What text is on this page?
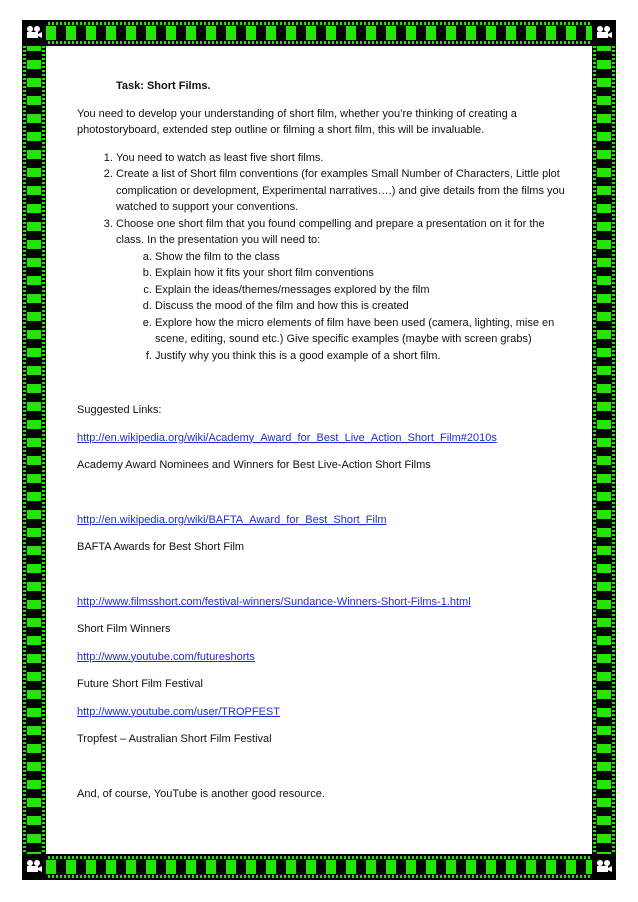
Task: Short Films.

You need to develop your understanding of short film, whether you’re thinking of creating a photostoryboard, extended step outline or filming a short film, this will be invaluable.

1. You need to watch as least five short films.
2. Create a list of Short film conventions (for examples Small Number of Characters, Little plot complication or development, Experimental narratives….) and give details from the films you watched to support your conventions.
3. Choose one short film that you found compelling and prepare a presentation on it for the class. In the presentation you will need to:
a. Show the film to the class
b. Explain how it fits your short film conventions
c. Explain the ideas/themes/messages explored by the film
d. Discuss the mood of the film and how this is created
e. Explore how the micro elements of film have been used (camera, lighting, mise en scene, editing, sound etc.) Give specific examples (maybe with screen grabs)
f. Justify why you think this is a good example of a short film.

Suggested Links:

http://en.wikipedia.org/wiki/Academy_Award_for_Best_Live_Action_Short_Film#2010s

Academy Award Nominees and Winners for Best Live-Action Short Films

http://en.wikipedia.org/wiki/BAFTA_Award_for_Best_Short_Film

BAFTA Awards for Best Short Film

http://www.filmsshort.com/festival-winners/Sundance-Winners-Short-Films-1.html

Short Film Winners

http://www.youtube.com/futureshorts

Future Short Film Festival

http://www.youtube.com/user/TROPFEST

Tropfest – Australian Short Film Festival

And, of course, YouTube is another good resource.
